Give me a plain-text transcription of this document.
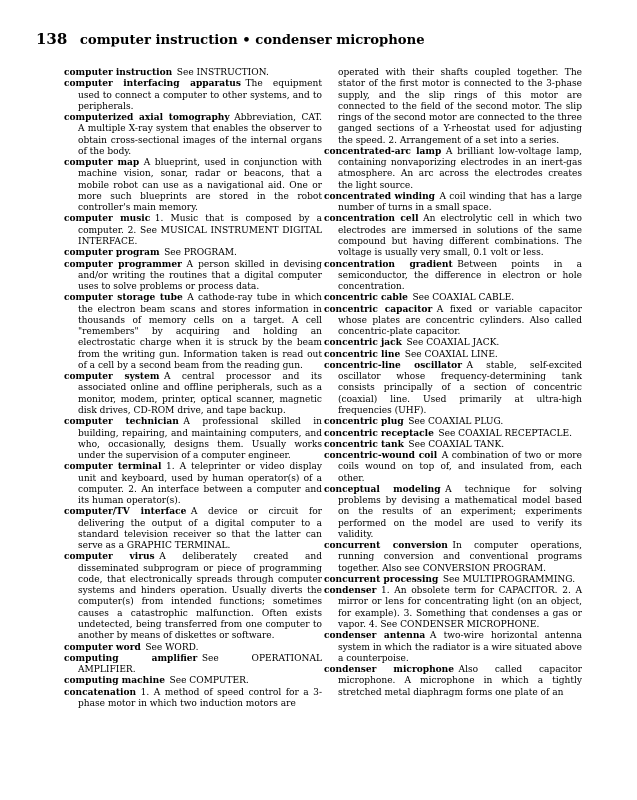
138 computer instruction • condenser microphone

computer instruction  See INSTRUCTION.

computer interfacing apparatus  The equipment used to connect a computer to other systems, and to peripherals.

computerized axial tomography  Abbreviation, CAT. A multiple X-ray system that enables the observer to obtain cross-sectional images of the internal organs of the body.

computer map  A blueprint, used in conjunction with machine vision, sonar, radar or beacons, that a mobile robot can use as a navigational aid. One or more such blueprints are stored in the robot controller's main memory.

computer music  1. Music that is composed by a computer. 2. See MUSICAL INSTRUMENT DIGITAL INTERFACE.

computer program  See PROGRAM.

computer programmer  A person skilled in devising and/or writing the routines that a digital computer uses to solve problems or process data.

computer storage tube  A cathode-ray tube in which the electron beam scans and stores information in thousands of memory cells on a target. A cell "remembers" by acquiring and holding an electrostatic charge when it is struck by the beam from the writing gun. Information taken is read out of a cell by a second beam from the reading gun.

computer system  A central processor and its associated online and offline peripherals, such as a monitor, modem, printer, optical scanner, magnetic disk drives, CD-ROM drive, and tape backup.

computer technician  A professional skilled in building, repairing, and maintaining computers, and who, occasionally, designs them. Usually works under the supervision of a computer engineer.

computer terminal  1. A teleprinter or video display unit and keyboard, used by human operator(s) of a computer. 2. An interface between a computer and its human operator(s).

computer/TV interface  A device or circuit for delivering the output of a digital computer to a standard television receiver so that the latter can serve as a GRAPHIC TERMINAL.

computer virus  A deliberately created and disseminated subprogram or piece of programming code, that electronically spreads through computer systems and hinders operation. Usually diverts the computer(s) from intended functions; sometimes causes a catastrophic malfunction. Often exists undetected, being transferred from one computer to another by means of diskettes or software.

computer word  See WORD.

computing amplifier  See OPERATIONAL AMPLIFIER.

computing machine  See COMPUTER.

concatenation  1. A method of speed control for a 3-phase motor in which two induction motors are

operated with their shafts coupled together. The stator of the first motor is connected to the 3-phase supply, and the slip rings of this motor are connected to the field of the second motor. The slip rings of the second motor are connected to the three ganged sections of a Y-rheostat used for adjusting the speed. 2. Arrangement of a set into a series.

concentrated-arc lamp  A brilliant low-voltage lamp, containing nonvaporizing electrodes in an inert-gas atmosphere. An arc across the electrodes creates the light source.

concentrated winding  A coil winding that has a large number of turns in a small space.

concentration cell  An electrolytic cell in which two electrodes are immersed in solutions of the same compound but having different combinations. The voltage is usually very small, 0.1 volt or less.

concentration gradient  Between points in a semiconductor, the difference in electron or hole concentration.

concentric cable  See COAXIAL CABLE.

concentric capacitor  A fixed or variable capacitor whose plates are concentric cylinders. Also called concentric-plate capacitor.

concentric jack  See COAXIAL JACK.

concentric line  See COAXIAL LINE.

concentric-line oscillator  A stable, self-excited oscillator whose frequency-determining tank consists principally of a section of concentric (coaxial) line. Used primarily at ultra-high frequencies (UHF).

concentric plug  See COAXIAL PLUG.

concentric receptacle  See COAXIAL RECEPTACLE.

concentric tank  See COAXIAL TANK.

concentric-wound coil  A combination of two or more coils wound on top of, and insulated from, each other.

conceptual modeling  A technique for solving problems by devising a mathematical model based on the results of an experiment; experiments performed on the model are used to verify its validity.

concurrent conversion  In computer operations, running conversion and conventional programs together. Also see CONVERSION PROGRAM.

concurrent processing  See MULTIPROGRAMMING.

condenser  1. An obsolete term for CAPACITOR. 2. A mirror or lens for concentrating light (on an object, for example). 3. Something that condenses a gas or vapor. 4. See CONDENSER MICROPHONE.

condenser antenna  A two-wire horizontal antenna system in which the radiator is a wire situated above a counterpoise.

condenser microphone  Also called capacitor microphone. A microphone in which a tightly stretched metal diaphragm forms one plate of an
